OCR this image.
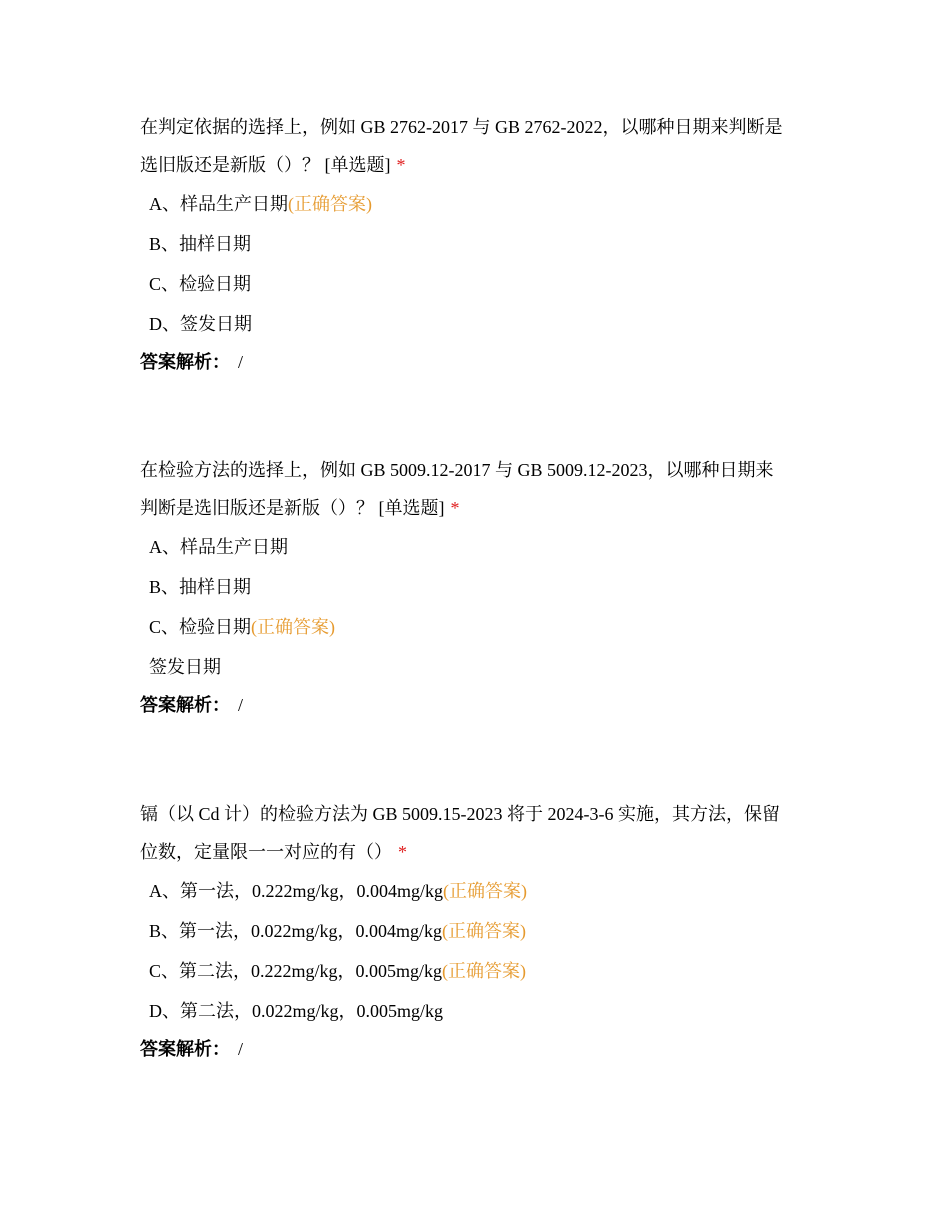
在判定依据的选择上，例如 GB 2762-2017 与 GB 2762-2022，以哪种日期来判断是
选旧版还是新版（）？ [单选题] *

A、样品生产日期(正确答案)
B、抽样日期
C、检验日期
D、签发日期
答案解析： /

在检验方法的选择上，例如 GB 5009.12-2017 与 GB 5009.12-2023，以哪种日期来
判断是选旧版还是新版（）？ [单选题] *

A、样品生产日期
B、抽样日期
C、检验日期(正确答案)
签发日期
答案解析： /

镉（以 Cd 计）的检验方法为 GB 5009.15-2023 将于 2024-3-6 实施，其方法，保留
位数，定量限一一对应的有（） *

A、第一法，0.222mg/kg，0.004mg/kg(正确答案)
B、第一法，0.022mg/kg，0.004mg/kg(正确答案)
C、第二法，0.222mg/kg，0.005mg/kg(正确答案)
D、第二法，0.022mg/kg，0.005mg/kg
答案解析： /
